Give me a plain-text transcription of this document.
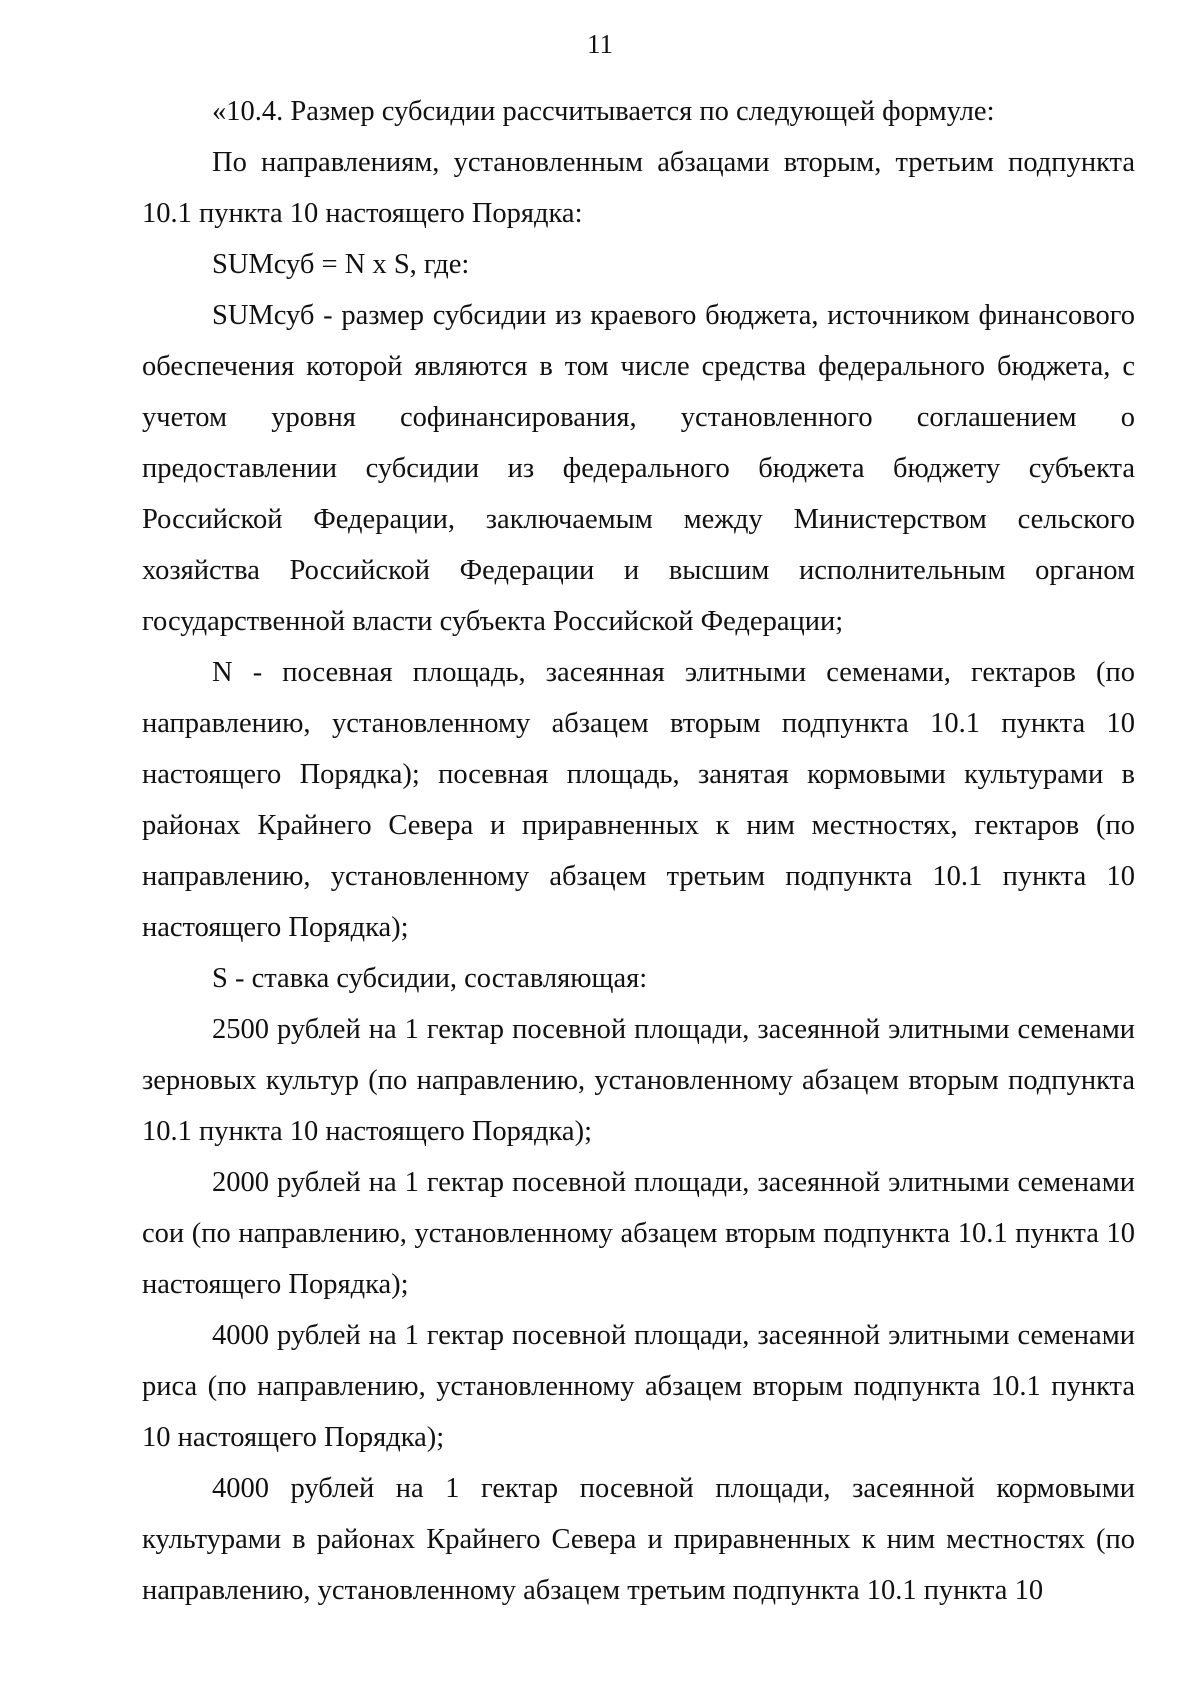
11

«10.4. Размер субсидии рассчитывается по следующей формуле:

По направлениям, установленным абзацами вторым, третьим подпункта 10.1 пункта 10 настоящего Порядка:

SUMсуб = N x S, где:

SUMсуб - размер субсидии из краевого бюджета, источником финансового обеспечения которой являются в том числе средства федерального бюджета, с учетом уровня софинансирования, установленного соглашением о предоставлении субсидии из федерального бюджета бюджету субъекта Российской Федерации, заключаемым между Министерством сельского хозяйства Российской Федерации и высшим исполнительным органом государственной власти субъекта Российской Федерации;

N - посевная площадь, засеянная элитными семенами, гектаров (по направлению, установленному абзацем вторым подпункта 10.1 пункта 10 настоящего Порядка); посевная площадь, занятая кормовыми культурами в районах Крайнего Севера и приравненных к ним местностях, гектаров (по направлению, установленному абзацем третьим подпункта 10.1 пункта 10 настоящего Порядка);

S - ставка субсидии, составляющая:

2500 рублей на 1 гектар посевной площади, засеянной элитными семенами зерновых культур (по направлению, установленному абзацем вторым подпункта 10.1 пункта 10 настоящего Порядка);

2000 рублей на 1 гектар посевной площади, засеянной элитными семенами сои (по направлению, установленному абзацем вторым подпункта 10.1 пункта 10 настоящего Порядка);

4000 рублей на 1 гектар посевной площади, засеянной элитными семенами риса (по направлению, установленному абзацем вторым подпункта 10.1 пункта 10 настоящего Порядка);

4000 рублей на 1 гектар посевной площади, засеянной кормовыми культурами в районах Крайнего Севера и приравненных к ним местностях (по направлению, установленному абзацем третьим подпункта 10.1 пункта 10
